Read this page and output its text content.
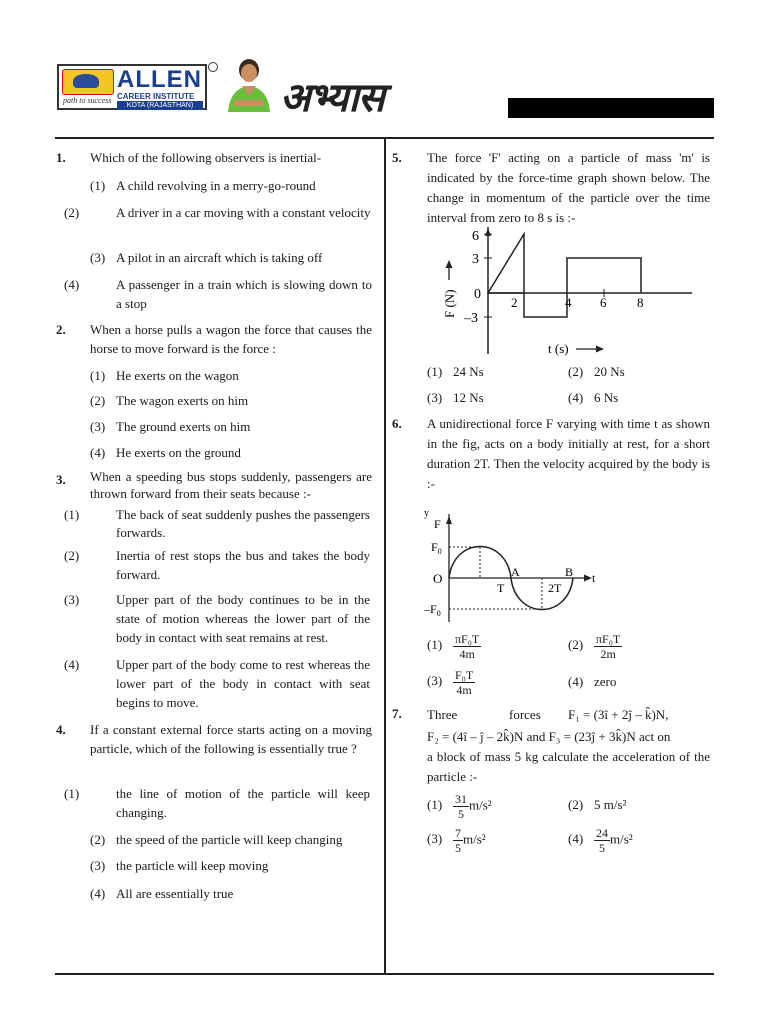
path to success
ALLEN
CAREER INSTITUTE
KOTA (RAJASTHAN) अभ्यास
1. Which of the following observers is inertial-
(1) A child revolving in a merry-go-round
(2)	A driver in a car moving with a constant velocity
(3) A pilot in an aircraft which is taking off
(4)	A passenger in a train which is slowing down to a stop
2. When a horse pulls a wagon the force that causes the horse to move forward is the force :
(1) He exerts on the wagon
(2) The wagon exerts on him
(3) The ground exerts on him
(4) He exerts on the ground
3. When a speeding bus stops suddenly, passengers are thrown forward from their seats because :-
(1)	The back of seat suddenly pushes the passengers forwards.
(2)	Inertia of rest stops the bus and takes the body forward.
(3)	Upper part of the body continues to be in the state of motion whereas the lower part of the body in contact with seat remains at rest.
(4)	Upper part of the body come to rest whereas the lower part of the body in contact with seat begins to move.
4. If a constant external force starts acting on a moving particle, which of the following is essentially true ?
(1)	the line of motion of the particle will keep changing.
(2) the speed of the particle will keep changing
(3) the particle will keep moving
(4) All are essentially true
5. The force 'F' acting on a particle of mass 'm' is indicated by the force-time graph shown below. The change in momentum of the particle over the time interval from zero to 8 s is :-
6
3
0
–3
2	4 6 8
F (N)
t (s)
(1) 24 Ns	(2) 20 Ns
(3) 12 Ns	(4) 6 Ns
6. A unidirectional force F varying with time t as shown in the fig, acts on a body initially at rest, for a short duration 2T. Then the velocity acquired by the body is :-
y
F
$F_0$
O
$-F_0$
A	B
T	2T
t
$(1) \frac{\text{πF₀T}}{4m}$	$(2) \frac{\text{πF₀T}}{2m}$
$(3) \frac{\text{F₀T}}{4m}$	(4) zero
7. Three	forces F₁ = (3î + 2ĵ – k̂)N,
F₂ = (4î – ĵ – 2k̂)N and F₃ = (23ĵ + 3k̂)N act on
a block of mass 5 kg calculate the acceleration of the particle :-
$(1) \frac{31}{5} m/s^2$	(2) 5 m/s²
$(3) \frac{7}{5} m/s^2$	$(4) \frac{24}{5} m/s^2$
